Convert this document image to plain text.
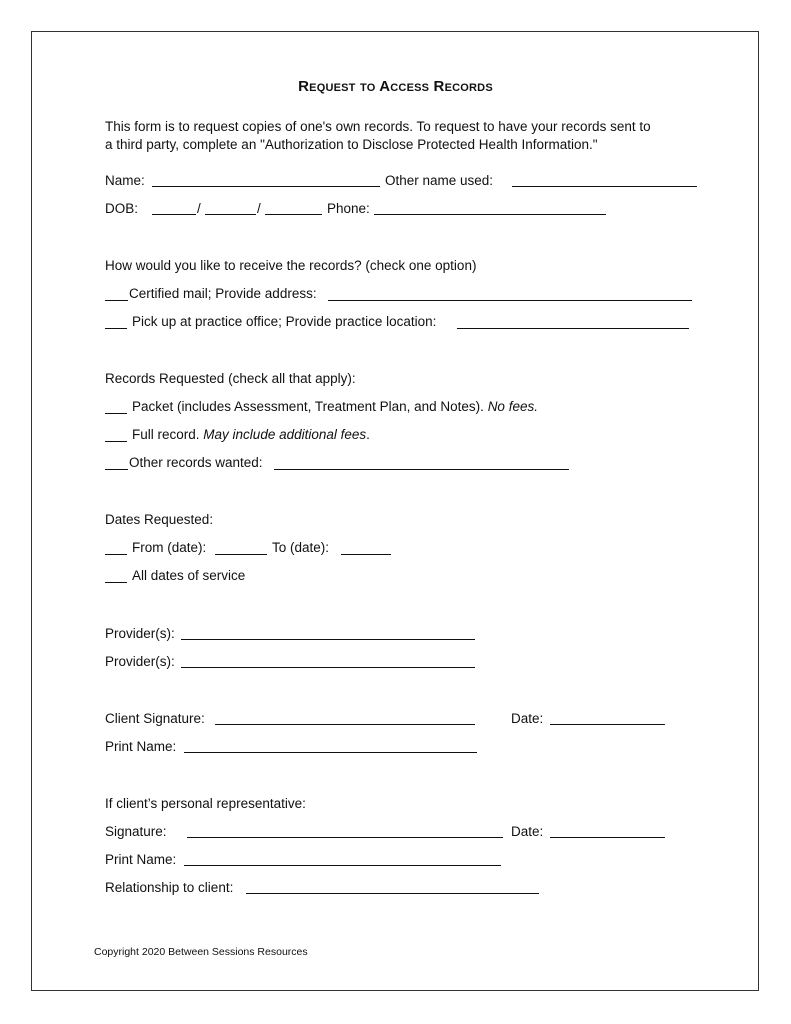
Request to Access Records
This form is to request copies of one's own records. To request to have your records sent to
a third party, complete an "Authorization to Disclose Protected Health Information."
Name:	Other name used:
DOB:	/	/	Phone:
How would you like to receive the records? (check one option)
Certified mail; Provide address:
Pick up at practice office; Provide practice location:
Records Requested (check all that apply):
Packet (includes Assessment, Treatment Plan, and Notes). No fees.
Full record. May include additional fees.
Other records wanted:
Dates Requested:
From (date):	To (date):
All dates of service
Provider(s):
Provider(s):
Client Signature:	Date:
Print Name:
If client’s personal representative:
Signature:	Date:
Print Name:
Relationship to client:
Copyright 2020 Between Sessions Resources
